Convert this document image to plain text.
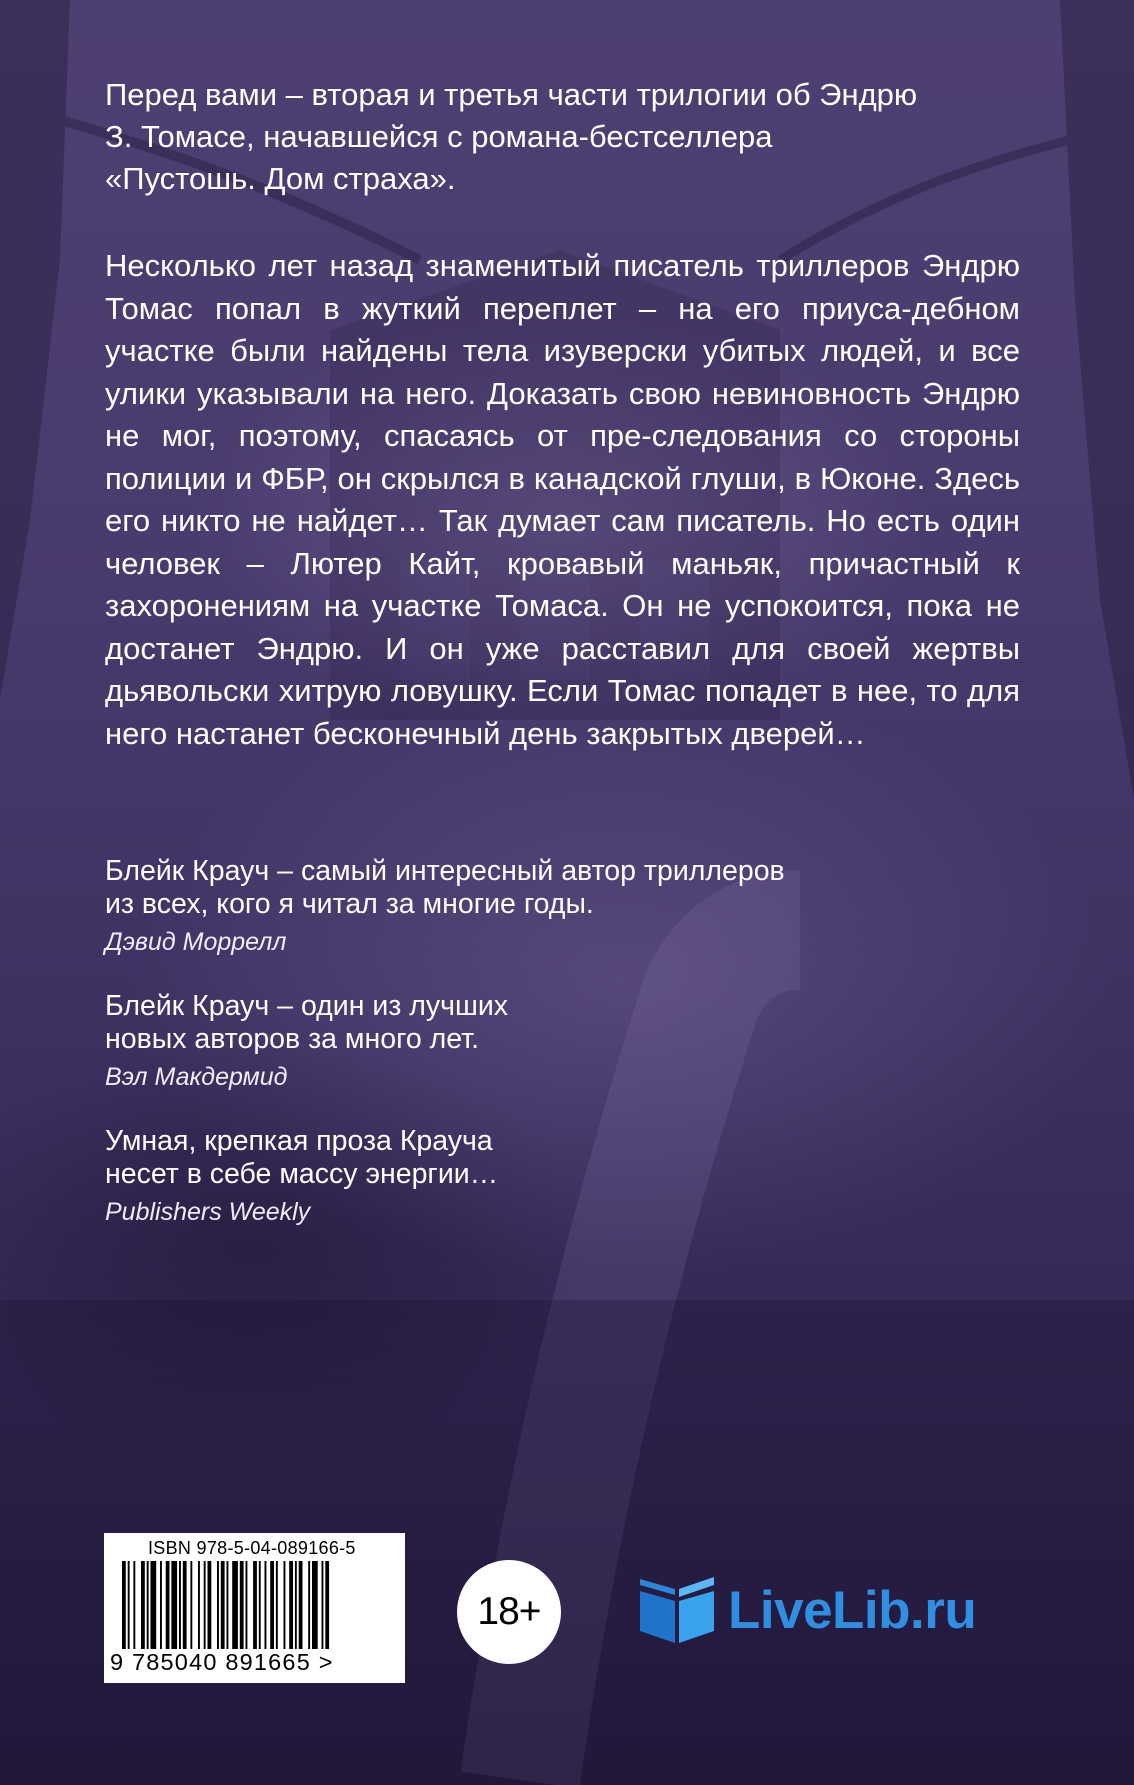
Перед вами – вторая и третья части трилогии об Эндрю
З. Томасе, начавшейся с романа-бестселлера
«Пустошь. Дом страха».
Несколько лет назад знаменитый писатель триллеров Эндрю Томас попал в жуткий переплет – на его приуса-дебном участке были найдены тела изуверски убитых людей, и все улики указывали на него. Доказать свою невиновность Эндрю не мог, поэтому, спасаясь от пре-следования со стороны полиции и ФБР, он скрылся в канадской глуши, в Юконе. Здесь его никто не найдет… Так думает сам писатель. Но есть один человек – Лютер Кайт, кровавый маньяк, причастный к захоронениям на участке Томаса. Он не успокоится, пока не достанет Эндрю. И он уже расставил для своей жертвы дьявольски хитрую ловушку. Если Томас попадет в нее, то для него настанет бесконечный день закрытых дверей…
Блейк Крауч – самый интересный автор триллеров
из всех, кого я читал за многие годы.
Дэвид Моррелл
Блейк Крауч – один из лучших
новых авторов за много лет.
Вэл Макдермид
Умная, крепкая проза Крауча
несет в себе массу энергии…
Publishers Weekly
ISBN 978-5-04-089166-5
9 785040 891665 >
18+	LiveLib.ru
